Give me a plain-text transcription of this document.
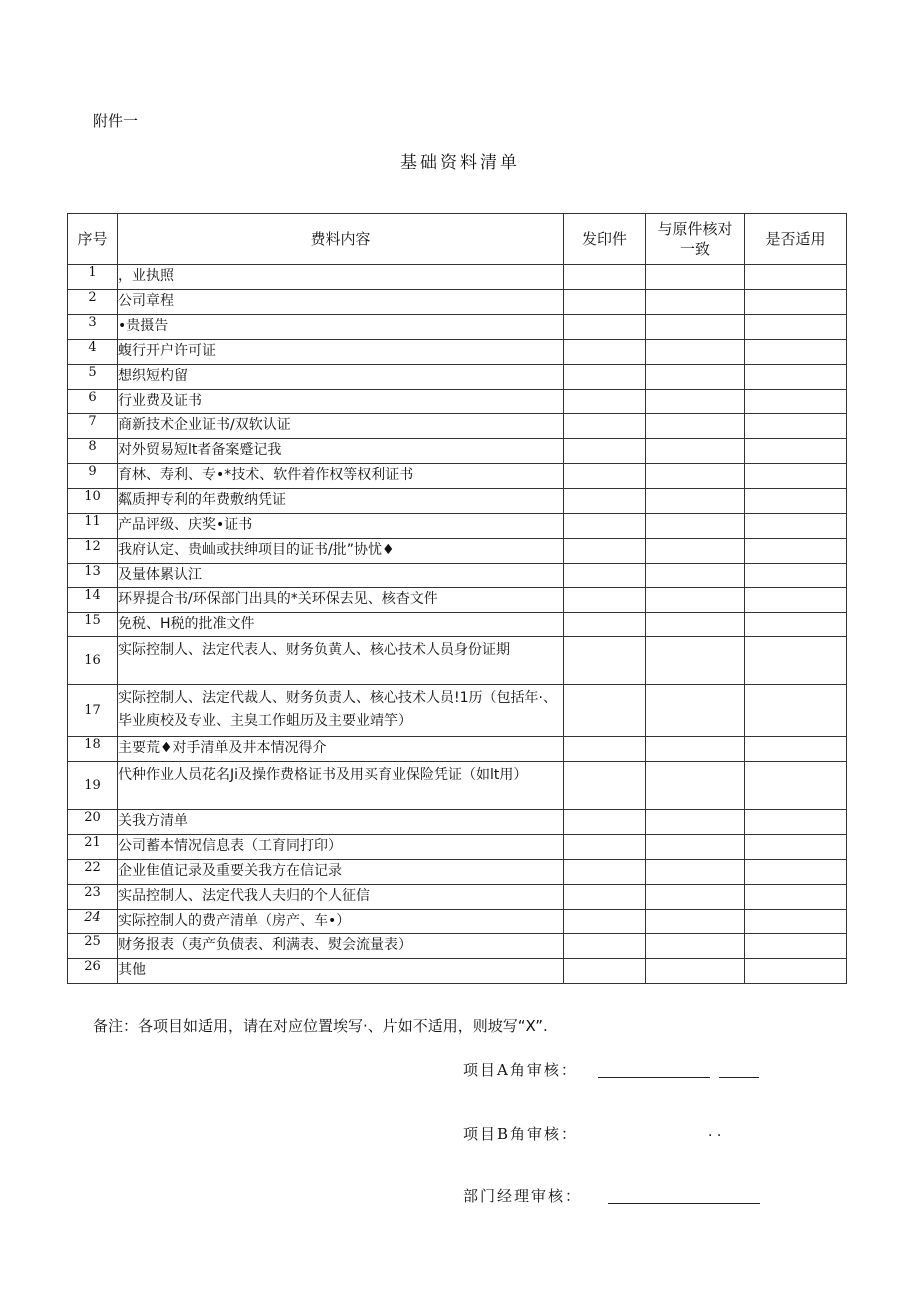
附件一
基础资料清单
序号	费料内容	发印件	与原件核对一致	是否适用
1	，业执照			
2	公司章程			
3	•贵摄告			
4	蝮行开户许可证			
5	想织短杓留			
6	行业费及证书			
7	商新技术企业证书/双软认证			
8	对外贸易短lt者备案蹙记我			
9	育林、寿利、专•*技术、软件着作权等权利证书			
10	粼质押专利的年费敷纳凭证			
11	产品评级、庆奖•证书			
12	我府认定、贵屾或扶绅项目的证书/批”协忧♦			
13	及量体累认江			
14	环界提合书/环保部门出具的*关环保去见、核杳文件			
15	免税、H税的批准文件			
16	实际控制人、法定代表人、财务负黄人、核心技术人员身份证期			
17	实际控制人、法定代裁人、财务负责人、核心技术人员!1历（包括年·、毕业庾校及专业、主臭工作蛆历及主要业靖竽）			
18	主要荒♦对手清单及井本情况得介			
19	代种作业人员花名Ji及操作费格证书及用买育业保险凭证（如lt用）			
20	关我方清单			
21	公司蓄本情况信息表（工育同打印）			
22	企业隹值记录及重要关我方在信记录			
23	实品控制人、法定代我人夫归的个人征信			
24	实际控制人的费产清单（房产、车•）			
25	财务报表（夷产负债表、利满表、熨会流量表）			
26	其他			
备注：各项目如适用，请在对应位置埃写·、片如不适用，则坡写“X”.
项目A角审核：
项目B角审核：	. .
部门经理审核：
